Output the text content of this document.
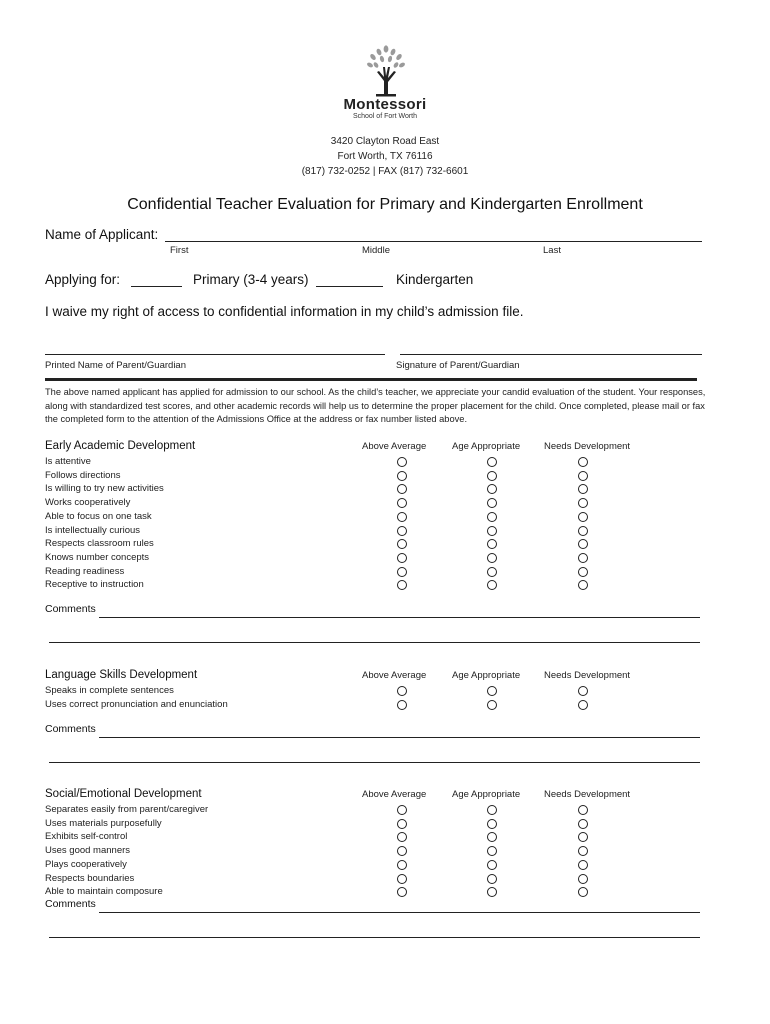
Montessori
School of Fort Worth
3420 Clayton Road East
Fort Worth, TX 76116
(817) 732-0252 | FAX (817) 732-6601
Confidential Teacher Evaluation for Primary and Kindergarten Enrollment
Name of Applicant:
First	Middle	Last
Applying for:	Primary (3-4 years)	Kindergarten
I waive my right of access to confidential information in my child’s admission file.
Printed Name of Parent/Guardian	Signature of Parent/Guardian
The above named applicant has applied for admission to our school. As the child’s teacher, we appreciate your candid evaluation of the student. Your responses, along with standardized test scores, and other academic records will help us to determine the proper placement for the child. Once completed, please mail or fax the completed form to the attention of the Admissions Office at the address or fax number listed above.
Early Academic Development	Above Average	Age Appropriate	Needs Development
Is attentive
Follows directions
Is willing to try new activities
Works cooperatively
Able to focus on one task
Is intellectually curious
Respects classroom rules
Knows number concepts
Reading readiness
Receptive to instruction
Comments
Language Skills Development	Above Average	Age Appropriate	Needs Development
Speaks in complete sentences
Uses correct pronunciation and enunciation
Comments
Social/Emotional Development	Above Average	Age Appropriate	Needs Development
Separates easily from parent/caregiver
Uses materials purposefully
Exhibits self-control
Uses good manners
Plays cooperatively
Respects boundaries
Able to maintain composure
Comments
